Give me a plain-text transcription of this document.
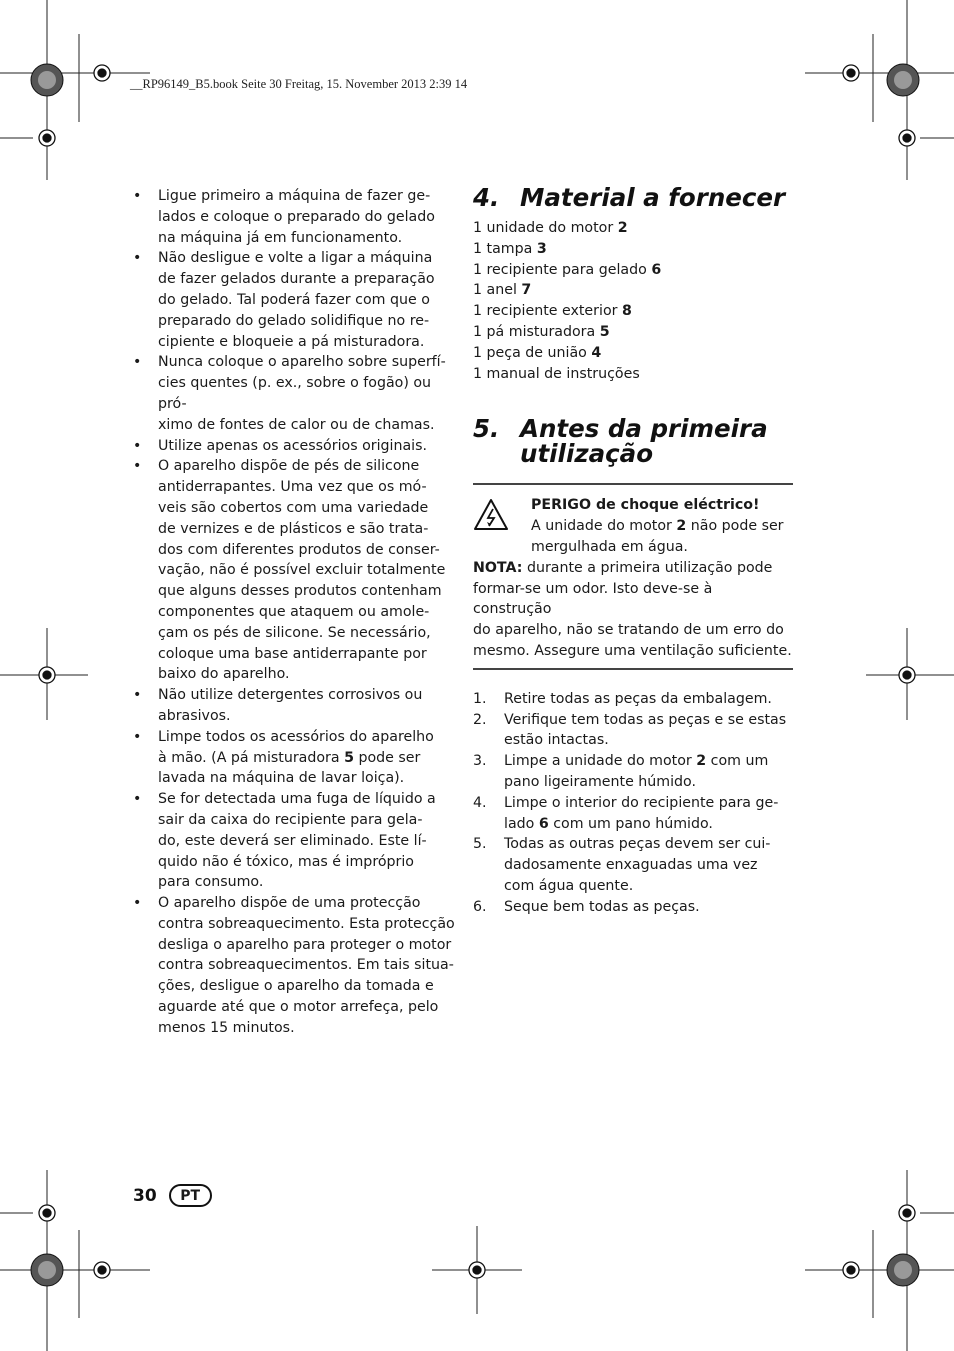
__RP96149_B5.book Seite 30 Freitag, 15. November 2013 2:39 14
• Ligue primeiro a máquina de fazer ge-
lados e coloque o preparado do gelado
na máquina já em funcionamento.
• Não desligue e volte a ligar a máquina
de fazer gelados durante a preparação
do gelado. Tal poderá fazer com que o
preparado do gelado solidifique no re-
cipiente e bloqueie a pá misturadora.
• Nunca coloque o aparelho sobre superfí-
cies quentes (p. ex., sobre o fogão) ou pró-
ximo de fontes de calor ou de chamas.
• Utilize apenas os acessórios originais.
• O aparelho dispõe de pés de silicone
antiderrapantes. Uma vez que os mó-
veis são cobertos com uma variedade
de vernizes e de plásticos e são trata-
dos com diferentes produtos de conser-
vação, não é possível excluir totalmente
que alguns desses produtos contenham
componentes que ataquem ou amole-
çam os pés de silicone. Se necessário,
coloque uma base antiderrapante por
baixo do aparelho.
• Não utilize detergentes corrosivos ou
abrasivos.
• Limpe todos os acessórios do aparelho
à mão. (A pá misturadora 5 pode ser
lavada na máquina de lavar loiça).
• Se for detectada uma fuga de líquido a
sair da caixa do recipiente para gela-
do, este deverá ser eliminado. Este lí-
quido não é tóxico, mas é impróprio
para consumo.
• O aparelho dispõe de uma protecção
contra sobreaquecimento. Esta protecção
desliga o aparelho para proteger o motor
contra sobreaquecimentos. Em tais situa-
ções, desligue o aparelho da tomada e
aguarde até que o motor arrefeça, pelo
menos 15 minutos.
4. Material a fornecer
1 unidade do motor 2
1 tampa 3
1 recipiente para gelado 6
1 anel 7
1 recipiente exterior 8
1 pá misturadora 5
1 peça de união 4
1 manual de instruções
5. Antes da primeira
utilização
PERIGO de choque eléctrico!
A unidade do motor 2 não pode ser
mergulhada em água.

NOTA: durante a primeira utilização pode
formar-se um odor. Isto deve-se à construção
do aparelho, não se tratando de um erro do
mesmo. Assegure uma ventilação suficiente.

1.	Retire todas as peças da embalagem.
2.	Verifique tem todas as peças e se estas
estão intactas.
3.	Limpe a unidade do motor 2 com um
pano ligeiramente húmido.
4.	Limpe o interior do recipiente para ge-
lado 6 com um pano húmido.
5.	Todas as outras peças devem ser cui-
dadosamente enxaguadas uma vez
com água quente.
6.	Seque bem todas as peças.
30	PT
